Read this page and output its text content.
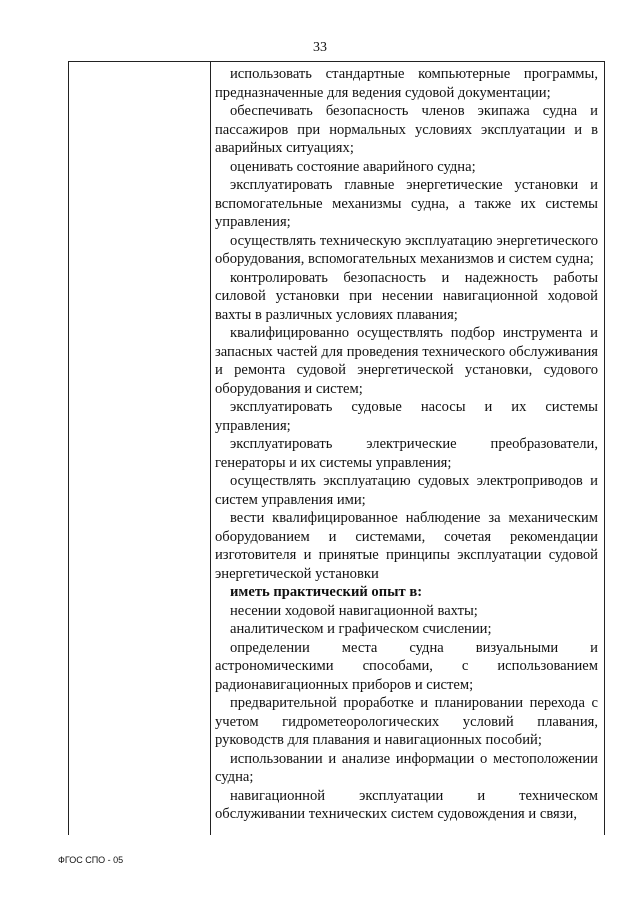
33

использовать стандартные компьютерные программы, предназначенные для ведения судовой документации;

обеспечивать безопасность членов экипажа судна и пассажиров при нормальных условиях эксплуатации и в аварийных ситуациях;

оценивать состояние аварийного судна;

эксплуатировать главные энергетические установки и вспомогательные механизмы судна, а также их системы управления;

осуществлять техническую эксплуатацию энергетического оборудования, вспомогательных механизмов и систем судна;

контролировать безопасность и надежность работы силовой установки при несении навигационной ходовой вахты в различных условиях плавания;

квалифицированно осуществлять подбор инструмента и запасных частей для проведения технического обслуживания и ремонта судовой энергетической установки, судового оборудования и систем;

эксплуатировать судовые насосы и их системы управления;

эксплуатировать электрические преобразователи, генераторы и их системы управления;

осуществлять эксплуатацию судовых электроприводов и систем управления ими;

вести квалифицированное наблюдение за механическим оборудованием и системами, сочетая рекомендации изготовителя и принятые принципы эксплуатации судовой энергетической установки

иметь практический опыт в:

несении ходовой навигационной вахты;

аналитическом и графическом счислении;

определении места судна визуальными и астрономическими способами, с использованием радионавигационных приборов и систем;

предварительной проработке и планировании перехода с учетом гидрометеорологических условий плавания, руководств для плавания и навигационных пособий;

использовании и анализе информации о местоположении судна;

навигационной эксплуатации и техническом обслуживании технических систем судовождения и связи,

ФГОС СПО - 05
